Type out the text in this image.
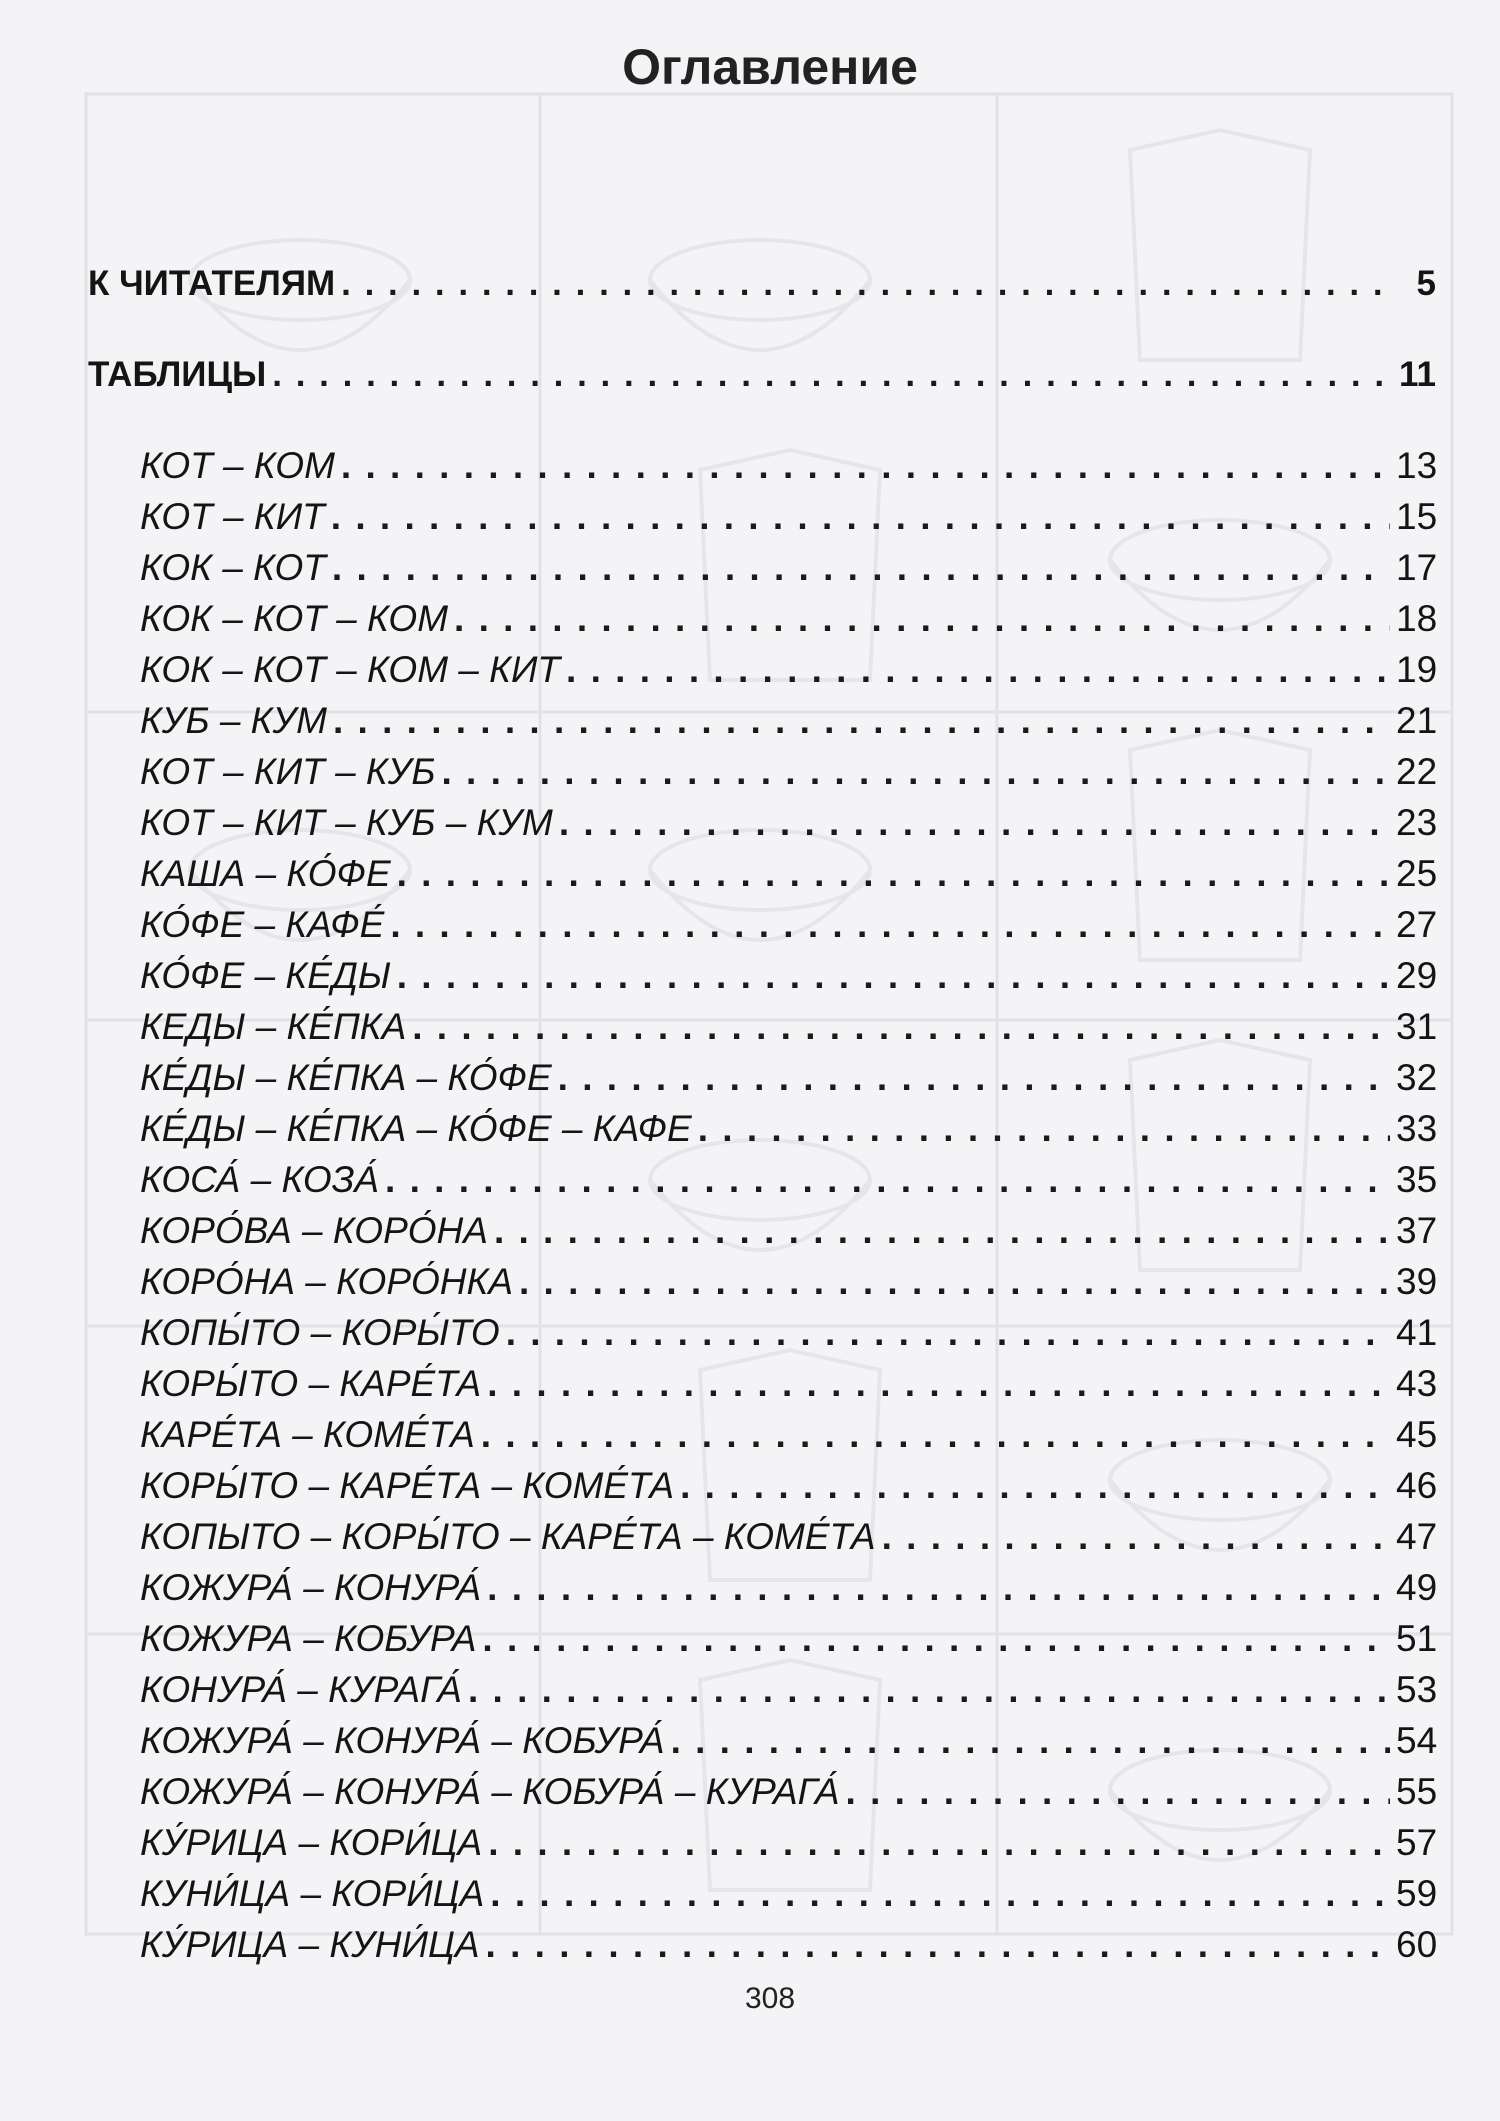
Оглавление
К ЧИТАТЕЛЯМ . . .	5
ТАБЛИЦЫ . . .	11
КОТ – КОМ . . .	13
КОТ – КИТ . . .	15
КОК – КОТ . . .	17
КОК – КОТ – КОМ . . .	18
КОК – КОТ – КОМ – КИТ . . .	19
КУБ – КУМ . . .	21
КОТ – КИТ – КУБ . . .	22
КОТ – КИТ – КУБ – КУМ . . .	23
КАША – КО́ФЕ . . .	25
КО́ФЕ – КАФЕ́ . . .	27
КО́ФЕ – КЕ́ДЫ . . .	29
КЕДЫ – КЕ́ПКА . . .	31
КЕ́ДЫ – КЕ́ПКА – КО́ФЕ . . .	32
КЕ́ДЫ – КЕ́ПКА – КО́ФЕ – КАФЕ . . .	33
КОСА́ – КОЗА́ . . .	35
КОРО́ВА – КОРО́НА . . .	37
КОРО́НА – КОРО́НКА . . .	39
КОПЫ́ТО – КОРЫ́ТО . . .	41
КОРЫ́ТО – КАРЕ́ТА . . .	43
КАРЕ́ТА – КОМЕ́ТА . . .	45
КОРЫ́ТО – КАРЕ́ТА – КОМЕ́ТА . . .	46
КОПЫТО – КОРЫ́ТО – КАРЕ́ТА – КОМЕ́ТА . . .	47
КОЖУРА́ – КОНУРА́ . . .	49
КОЖУРА – КОБУРА . . .	51
КОНУРА́ – КУРАГА́ . . .	53
КОЖУРА́ – КОНУРА́ – КОБУРА́ . . .	54
КОЖУРА́ – КОНУРА́ – КОБУРА́ – КУРАГА́ . . .	55
КУ́РИЦА – КОРИ́ЦА . . .	57
КУНИ́ЦА – КОРИ́ЦА . . .	59
КУ́РИЦА – КУНИ́ЦА . . .	60
308
